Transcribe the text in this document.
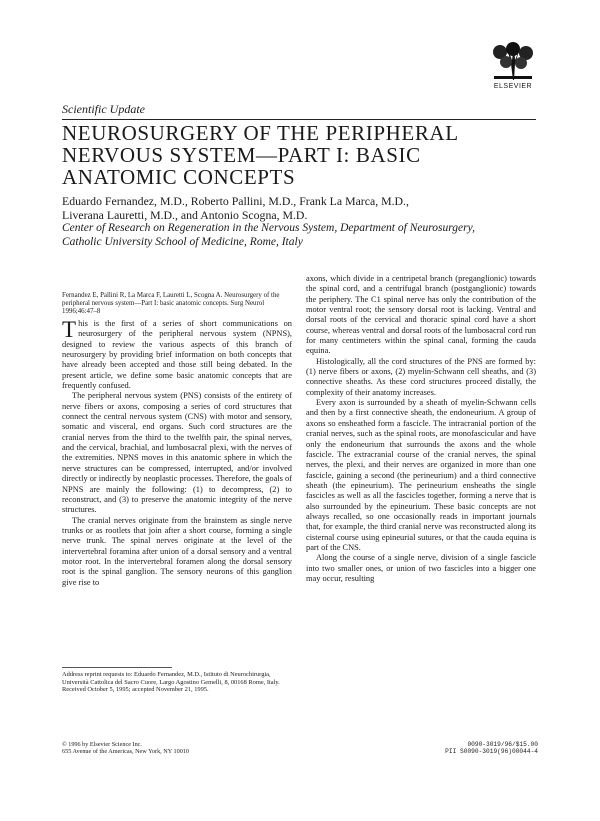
ELSEVIER
Scientific Update
NEUROSURGERY OF THE PERIPHERAL
NERVOUS SYSTEM—PART I: BASIC
ANATOMIC CONCEPTS
Eduardo Fernandez, M.D., Roberto Pallini, M.D., Frank La Marca, M.D.,
Liverana Lauretti, M.D., and Antonio Scogna, M.D.
Center of Research on Regeneration in the Nervous System, Department of Neurosurgery,
Catholic University School of Medicine, Rome, Italy
Fernandez E, Pallini R, La Marca F, Lauretti L, Scogna A. Neurosurgery of the peripheral nervous system—Part I: basic anatomic concepts. Surg Neurol 1996;46:47–8

This is the first of a series of short communications on neurosurgery of the peripheral nervous system (NPNS), designed to review the various aspects of this branch of neurosurgery by providing brief information on both concepts that have already been accepted and those still being debated. In the present article, we define some basic anatomic concepts that are frequently confused.

The peripheral nervous system (PNS) consists of the entirety of nerve fibers or axons, composing a series of cord structures that connect the central nervous system (CNS) with motor and sensory, somatic and visceral, end organs. Such cord structures are the cranial nerves from the third to the twelfth pair, the spinal nerves, and the cervical, brachial, and lumbosacral plexi, with the nerves of the extremities. NPNS moves in this anatomic sphere in which the nerve structures can be compressed, interrupted, and/or involved directly or indirectly by neoplastic processes. Therefore, the goals of NPNS are mainly the following: (1) to decompress, (2) to reconstruct, and (3) to preserve the anatomic integrity of the nerve structures.

The cranial nerves originate from the brainstem as single nerve trunks or as rootlets that join after a short course, forming a single nerve trunk. The spinal nerves originate at the level of the intervertebral foramina after union of a dorsal sensory and a ventral motor root. In the intervertebral foramen along the dorsal sensory root is the spinal ganglion. The sensory neurons of this ganglion give rise to

axons, which divide in a centripetal branch (preganglionic) towards the spinal cord, and a centrifugal branch (postganglionic) towards the periphery. The C1 spinal nerve has only the contribution of the motor ventral root; the sensory dorsal root is lacking. Ventral and dorsal roots of the cervical and thoracic spinal cord have a short course, whereas ventral and dorsal roots of the lumbosacral cord run for many centimeters within the spinal canal, forming the cauda equina.

Histologically, all the cord structures of the PNS are formed by: (1) nerve fibers or axons, (2) myelin-Schwann cell sheaths, and (3) connective sheaths. As these cord structures proceed distally, the complexity of their anatomy increases.

Every axon is surrounded by a sheath of myelin-Schwann cells and then by a first connective sheath, the endoneurium. A group of axons so ensheathed form a fascicle. The intracranial portion of the cranial nerves, such as the spinal roots, are monofascicular and have only the endoneurium that surrounds the axons and the whole fascicle. The extracranial course of the cranial nerves, the spinal nerves, the plexi, and their nerves are organized in more than one fascicle, gaining a second (the perineurium) and a third connective sheath (the epineurium). The perineurium ensheaths the single fascicles as well as all the fascicles together, forming a nerve that is also surrounded by the epineurium. These basic concepts are not always recalled, so one occasionally reads in important journals that, for example, the third cranial nerve was reconstructed along its cisternal course using epineurial sutures, or that the cauda equina is part of the CNS.

Along the course of a single nerve, division of a single fascicle into two smaller ones, or union of two fascicles into a bigger one may occur, resulting

Address reprint requests to: Eduardo Fernandez, M.D., Istituto di Neurochirurgia, Università Cattolica del Sacro Cuore, Largo Agostino Gemelli, 8, 00168 Rome, Italy.

Received October 5, 1995; accepted November 21, 1995.

© 1996 by Elsevier Science Inc.

655 Avenue of the Americas, New York, NY 10010

0090-3019/96/$15.00

PII S0090-3019(96)00044-4
